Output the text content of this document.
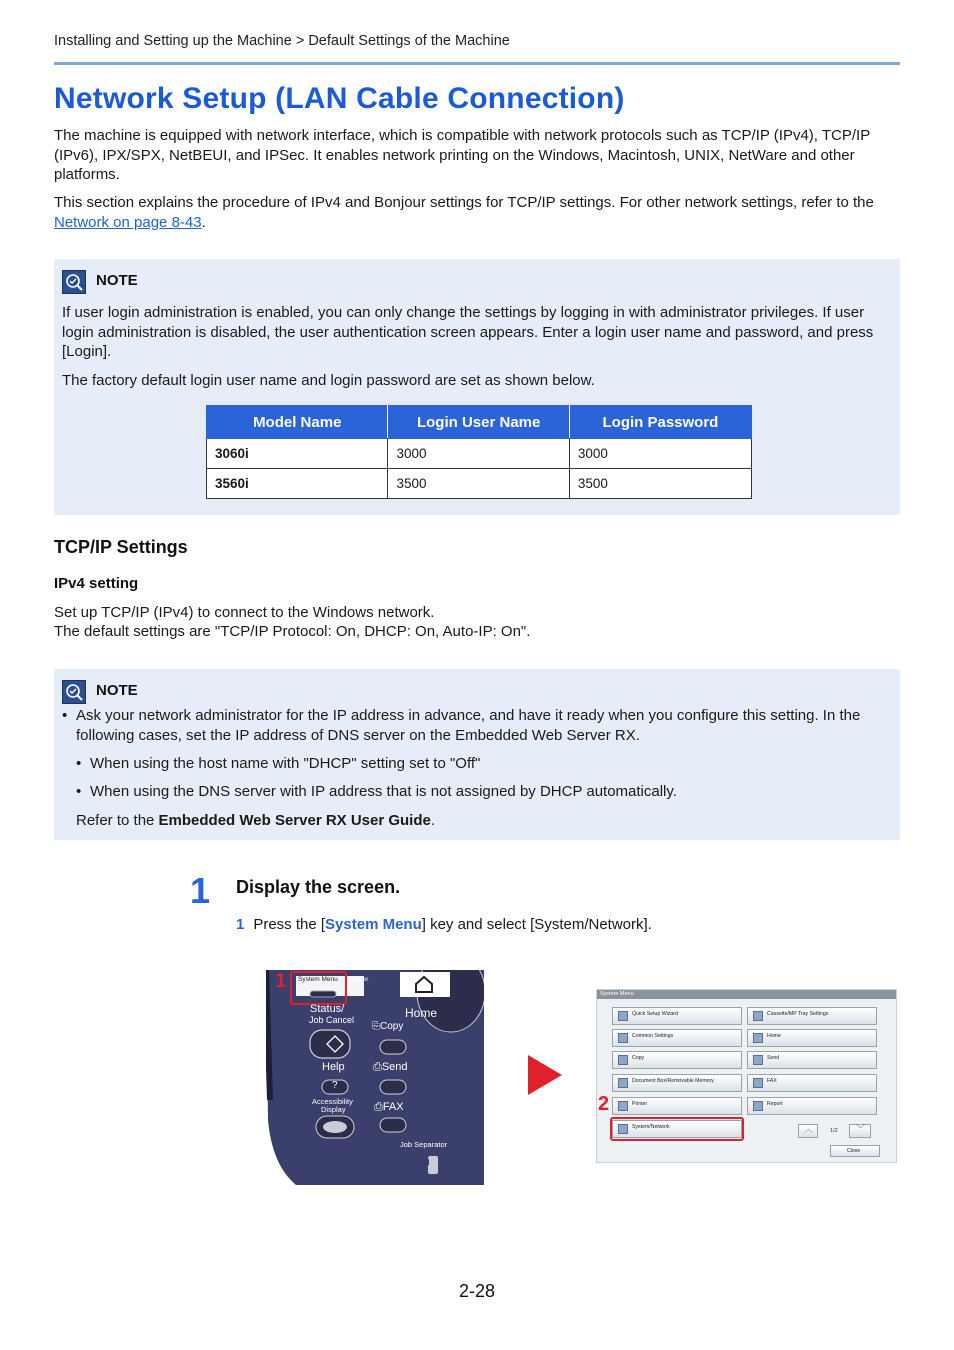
Installing and Setting up the Machine > Default Settings of the Machine
Network Setup (LAN Cable Connection)
The machine is equipped with network interface, which is compatible with network protocols such as TCP/IP (IPv4), TCP/IP (IPv6), IPX/SPX, NetBEUI, and IPSec. It enables network printing on the Windows, Macintosh, UNIX, NetWare and other platforms.
This section explains the procedure of IPv4 and Bonjour settings for TCP/IP settings. For other network settings, refer to the Network on page 8-43.
NOTE
If user login administration is enabled, you can only change the settings by logging in with administrator privileges. If user login administration is disabled, the user authentication screen appears. Enter a login user name and password, and press [Login].
The factory default login user name and login password are set as shown below.
Model Name	Login User Name	Login Password
3060i	3000	3000
3560i	3500	3500
TCP/IP Settings
IPv4 setting
Set up TCP/IP (IPv4) to connect to the Windows network.
The default settings are "TCP/IP Protocol: On, DHCP: On, Auto-IP: On".
NOTE
• Ask your network administrator for the IP address in advance, and have it ready when you configure this setting. In the following cases, set the IP address of DNS server on the Embedded Web Server RX.
• When using the host name with "DHCP" setting set to "Off"
• When using the DNS server with IP address that is not assigned by DHCP automatically.
Refer to the Embedded Web Server RX User Guide.
1 Display the screen.
1 Press the [System Menu] key and select [System/Network].
System Menu ounter
Home
Status/
Job Cancel
⎘Copy
Help
?
⎙Send
Accessibility
Display	⎙FAX
Job Separator
1
System Menu
Quick Setup Wizard	Cassette/MP Tray Settings
Common Settings	Home
Copy	Send
Document Box/Removable Memory	FAX
Printer	Report
System/Network	︿	1/2 ﹀
Close
2
2-28
